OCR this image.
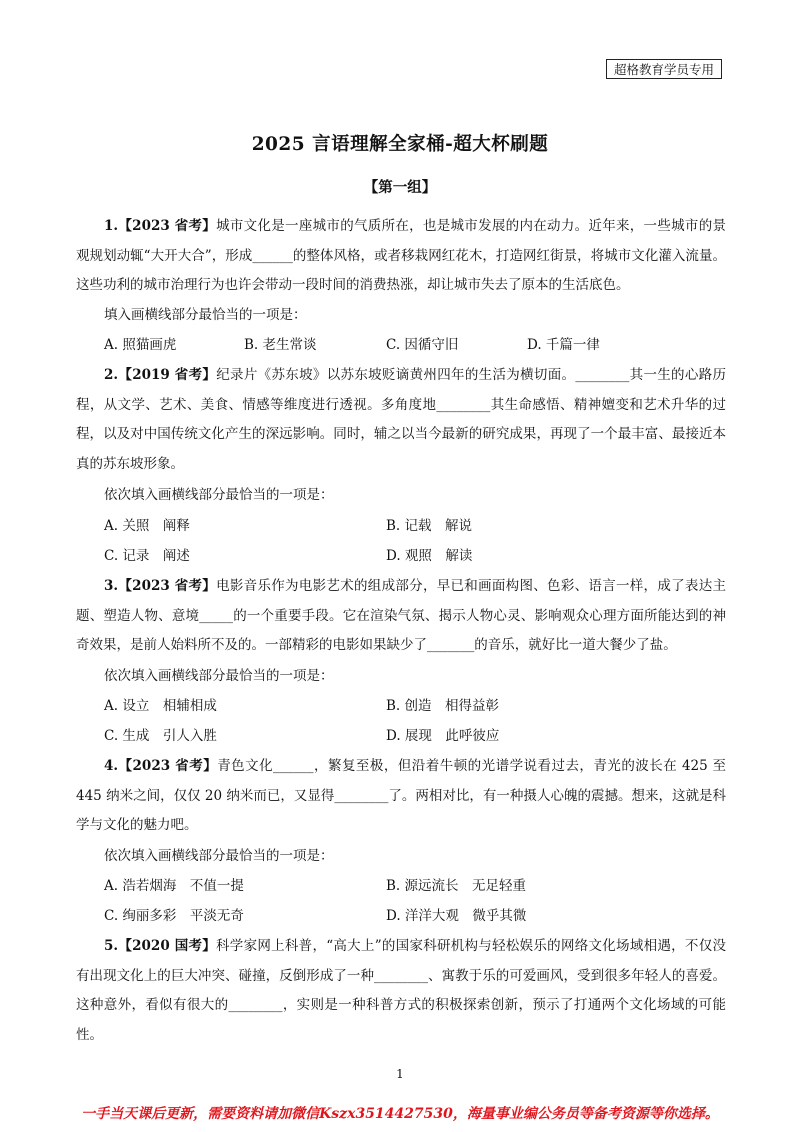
超格教育学员专用
2025 言语理解全家桶-超大杯刷题
【第一组】
1.【2023 省考】城市文化是一座城市的气质所在，也是城市发展的内在动力。近年来，一些城市的景观规划动辄“大开大合”，形成______的整体风格，或者移栽网红花木，打造网红街景，将城市文化灌入流量。这些功利的城市治理行为也许会带动一段时间的消费热涨，却让城市失去了原本的生活底色。
填入画横线部分最恰当的一项是：
A. 照猫画虎	B. 老生常谈	C. 因循守旧	D. 千篇一律
2.【2019 省考】纪录片《苏东坡》以苏东坡贬谪黄州四年的生活为横切面。________其一生的心路历程，从文学、艺术、美食、情感等维度进行透视。多角度地________其生命感悟、精神嬗变和艺术升华的过程，以及对中国传统文化产生的深远影响。同时，辅之以当今最新的研究成果，再现了一个最丰富、最接近本真的苏东坡形象。
依次填入画横线部分最恰当的一项是：
A. 关照　阐释	B. 记载　解说
C. 记录　阐述	D. 观照　解读
3.【2023 省考】电影音乐作为电影艺术的组成部分，早已和画面构图、色彩、语言一样，成了表达主题、塑造人物、意境_____的一个重要手段。它在渲染气氛、揭示人物心灵、影响观众心理方面所能达到的神奇效果，是前人始料所不及的。一部精彩的电影如果缺少了_______的音乐，就好比一道大餐少了盐。
依次填入画横线部分最恰当的一项是：
A. 设立　相辅相成	B. 创造　相得益彰
C. 生成　引人入胜	D. 展现　此呼彼应
4.【2023 省考】青色文化______，繁复至极，但沿着牛顿的光谱学说看过去，青光的波长在 425 至 445 纳米之间，仅仅 20 纳米而已，又显得________了。两相对比，有一种摄人心魄的震撼。想来，这就是科学与文化的魅力吧。
依次填入画横线部分最恰当的一项是：
A. 浩若烟海　不值一提	B. 源远流长　无足轻重
C. 绚丽多彩　平淡无奇	D. 洋洋大观　微乎其微
5.【2020 国考】科学家网上科普，“高大上”的国家科研机构与轻松娱乐的网络文化场域相遇，不仅没有出现文化上的巨大冲突、碰撞，反倒形成了一种________、寓教于乐的可爱画风，受到很多年轻人的喜爱。这种意外，看似有很大的________，实则是一种科普方式的积极探索创新，预示了打通两个文化场域的可能性。
1
一手当天课后更新，需要资料请加微信Kszx3514427530，海量事业编公务员等备考资源等你选择。
